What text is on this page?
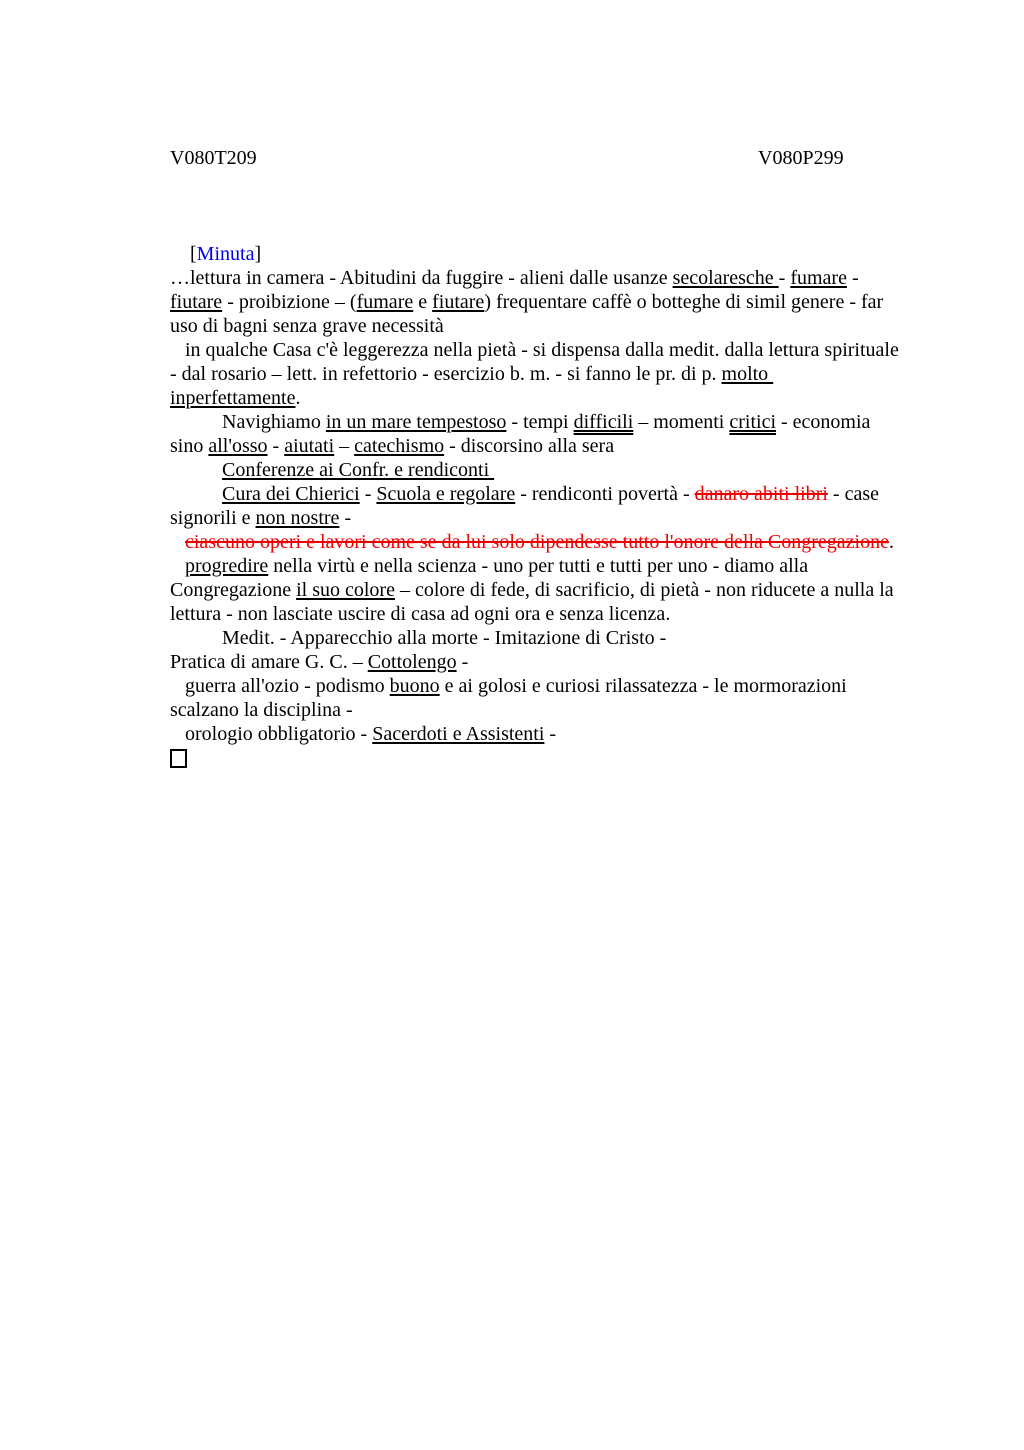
V080T209	V080P299

[Minuta]

…lettura in camera - Abitudini da fuggire - alieni dalle usanze secolaresche - fumare -
fiutare - proibizione – (fumare e fiutare) frequentare caffè o botteghe di simil genere - far
uso di bagni senza grave necessità
in qualche Casa c'è leggerezza nella pietà - si dispensa dalla medit. dalla lettura spirituale
- dal rosario – lett. in refettorio - esercizio b. m. - si fanno le pr. di p. molto
inperfettamente.
Navighiamo in un mare tempestoso - tempi difficili – momenti critici - economia
sino all'osso - aiutati – catechismo - discorsino alla sera
Conferenze ai Confr. e rendiconti
Cura dei Chierici - Scuola e regolare - rendiconti povertà - danaro abiti libri - case
signorili e non nostre -
ciascuno operi e lavori come se da lui solo dipendesse tutto l'onore della Congregazione.
progredire nella virtù e nella scienza - uno per tutti e tutti per uno - diamo alla
Congregazione il suo colore – colore di fede, di sacrificio, di pietà - non riducete a nulla la
lettura - non lasciate uscire di casa ad ogni ora e senza licenza.
Medit. - Apparecchio alla morte - Imitazione di Cristo -
Pratica di amare G. C. – Cottolengo -
guerra all'ozio - podismo buono e ai golosi e curiosi rilassatezza - le mormorazioni
scalzano la disciplina -
orologio obbligatorio - Sacerdoti e Assistenti -
